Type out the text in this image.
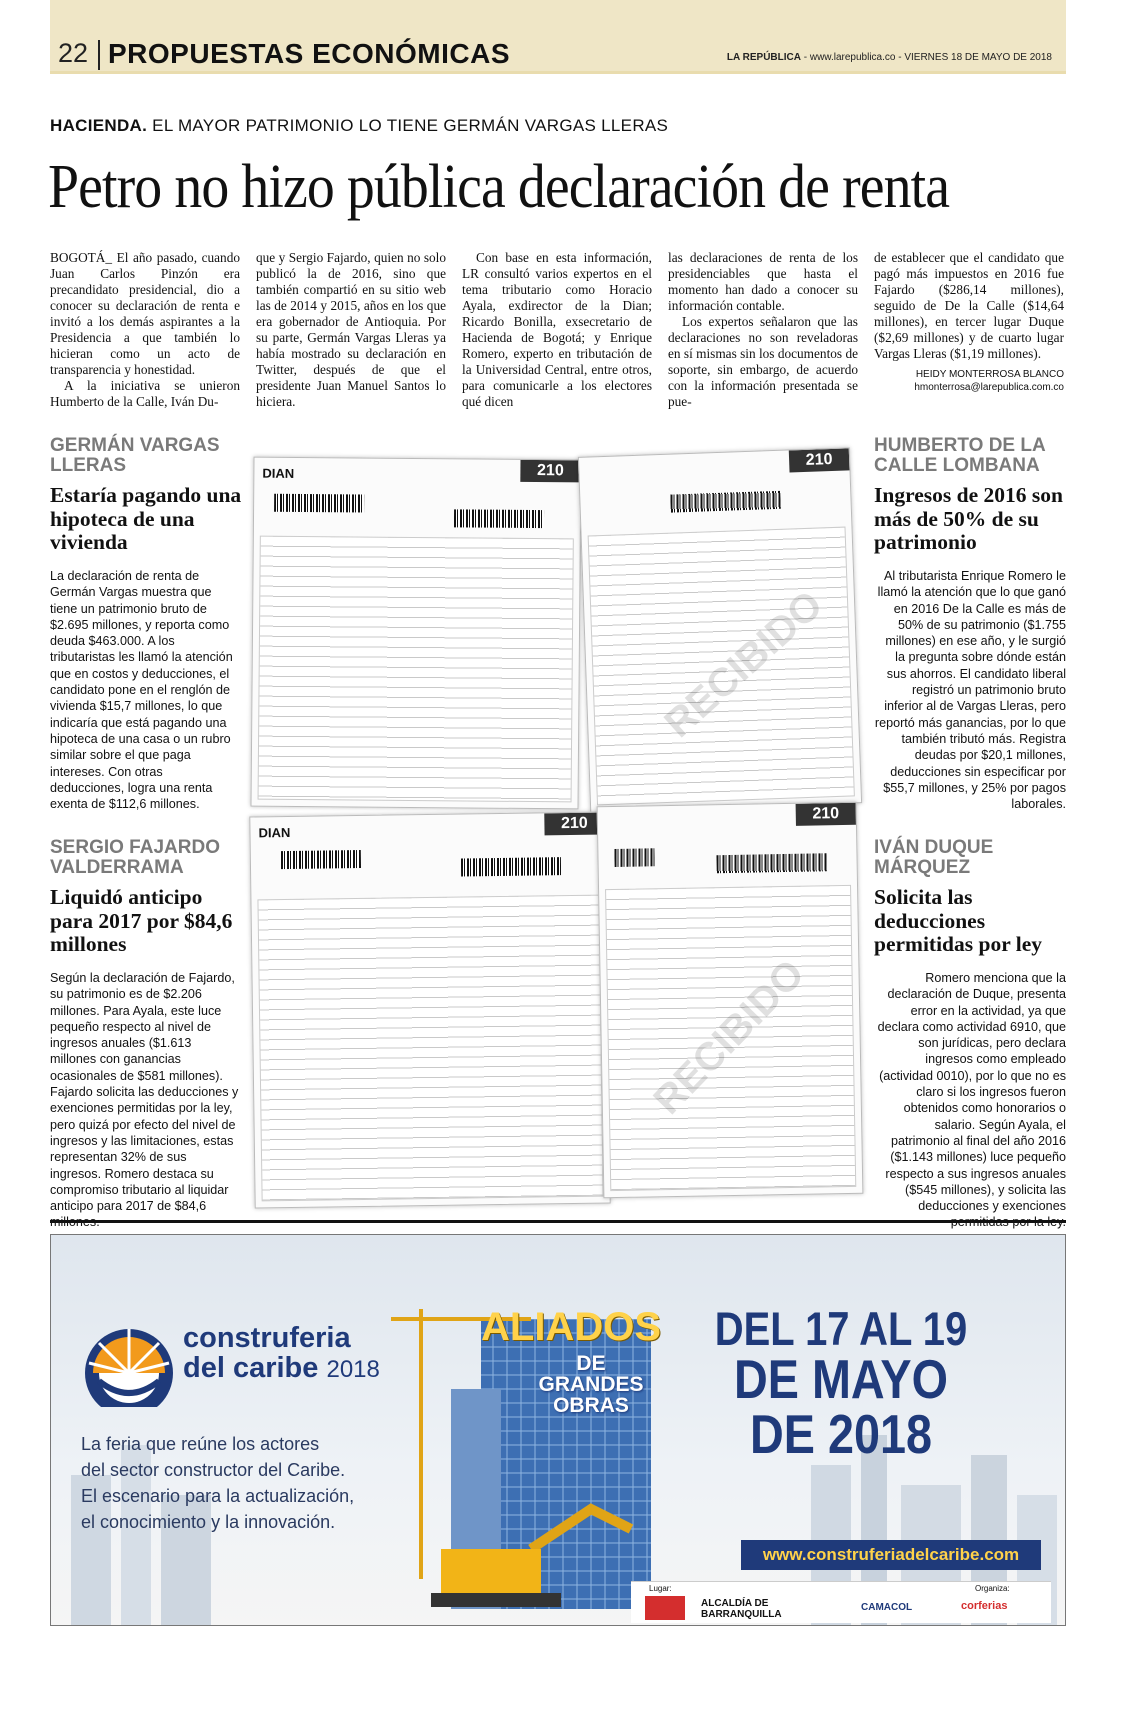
22 PROPUESTAS ECONÓMICAS	LA REPÚBLICA - www.larepublica.co - VIERNES 18 DE MAYO DE 2018
HACIENDA. EL MAYOR PATRIMONIO LO TIENE GERMÁN VARGAS LLERAS
Petro no hizo pública declaración de renta

BOGOTÁ_ El año pasado, cuando Juan Carlos Pinzón era precandidato presidencial, dio a conocer su declaración de renta e invitó a los demás aspirantes a la Presidencia a que también lo hicieran como un acto de transparencia y honestidad.

A la iniciativa se unieron Humberto de la Calle, Iván Du-

que y Sergio Fajardo, quien no solo publicó la de 2016, sino que también compartió en su sitio web las de 2014 y 2015, años en los que era gobernador de Antioquia. Por su parte, Germán Vargas Lleras ya había mostrado su declaración en Twitter, después de que el presidente Juan Manuel Santos lo hiciera.

Con base en esta información, LR consultó varios expertos en el tema tributario como Horacio Ayala, exdirector de la Dian; Ricardo Bonilla, exsecretario de Hacienda de Bogotá; y Enrique Romero, experto en tributación de la Universidad Central, entre otros, para comunicarle a los electores qué dicen

las declaraciones de renta de los presidenciables que hasta el momento han dado a conocer su información contable.

Los expertos señalaron que las declaraciones no son reveladoras en sí mismas sin los documentos de soporte, sin embargo, de acuerdo con la información presentada se pue-

de establecer que el candidato que pagó más impuestos en 2016 fue Fajardo ($286,14 millones), seguido de De la Calle ($14,64 millones), en tercer lugar Duque ($2,69 millones) y de cuarto lugar Vargas Lleras ($1,19 millones).

HEIDY MONTERROSA BLANCO
hmonterrosa@larepublica.com.co
GERMÁN VARGAS LLERAS
Estaría pagando una hipoteca de una vivienda
La declaración de renta de Germán Vargas muestra que tiene un patrimonio bruto de $2.695 millones, y reporta como deuda $463.000. A los tributaristas les llamó la atención que en costos y deducciones, el candidato pone en el renglón de vivienda $15,7 millones, lo que indicaría que está pagando una hipoteca de una casa o un rubro similar sobre el que paga intereses. Con otras deducciones, logra una renta exenta de $112,6 millones.
SERGIO FAJARDO VALDERRAMA
Liquidó anticipo para 2017 por $84,6 millones
Según la declaración de Fajardo, su patrimonio es de $2.206 millones. Para Ayala, este luce pequeño respecto al nivel de ingresos anuales ($1.613 millones con ganancias ocasionales de $581 millones). Fajardo solicita las deducciones y exenciones permitidas por la ley, pero quizá por efecto del nivel de ingresos y las limitaciones, estas representan 32% de sus ingresos. Romero destaca su compromiso tributario al liquidar anticipo para 2017 de $84,6
HUMBERTO DE LA CALLE LOMBANA
Ingresos de 2016 son más de 50% de su patrimonio
Al tributarista Enrique Romero le llamó la atención que lo que ganó en 2016 De la Calle es más de 50% de su patrimonio ($1.755 millones) en ese año, y le surgió la pregunta sobre dónde están sus ahorros. El candidato liberal registró un patrimonio bruto inferior al de Vargas Lleras, pero reportó más ganancias, por lo que también tributó más. Registra deudas por $20,1 millones, deducciones sin especificar por $55,7 millones, y 25% por pagos laborales.
IVÁN DUQUE MÁRQUEZ
Solicita las deducciones permitidas por ley
Romero menciona que la declaración de Duque, presenta error en la actividad, ya que declara como actividad 6910, que son jurídicas, pero declara ingresos como empleado (actividad 0010), por lo que no es claro si los ingresos fueron obtenidos como honorarios o salario. Según Ayala, el patrimonio al final del año 2016 ($1.143 millones) luce pequeño respecto a sus ingresos anuales ($545 millones), y solicita las deducciones y exenciones
DIAN	210
210
RECIBIDO
DIAN
210
210
RECIBIDO
construferia
del caribe 2018
La feria que reúne los actores
del sector constructor del Caribe.
El escenario para la actualización,
el conocimiento y la innovación.
ALIADOS
DE GRANDES OBRAS
DEL 17 AL 19
DE MAYO
DE 2018
www.construferiadelcaribe.com
Lugar:	Organiza:
ALCALDÍA DE BARRANQUILLA
CAMACOL	corferias
